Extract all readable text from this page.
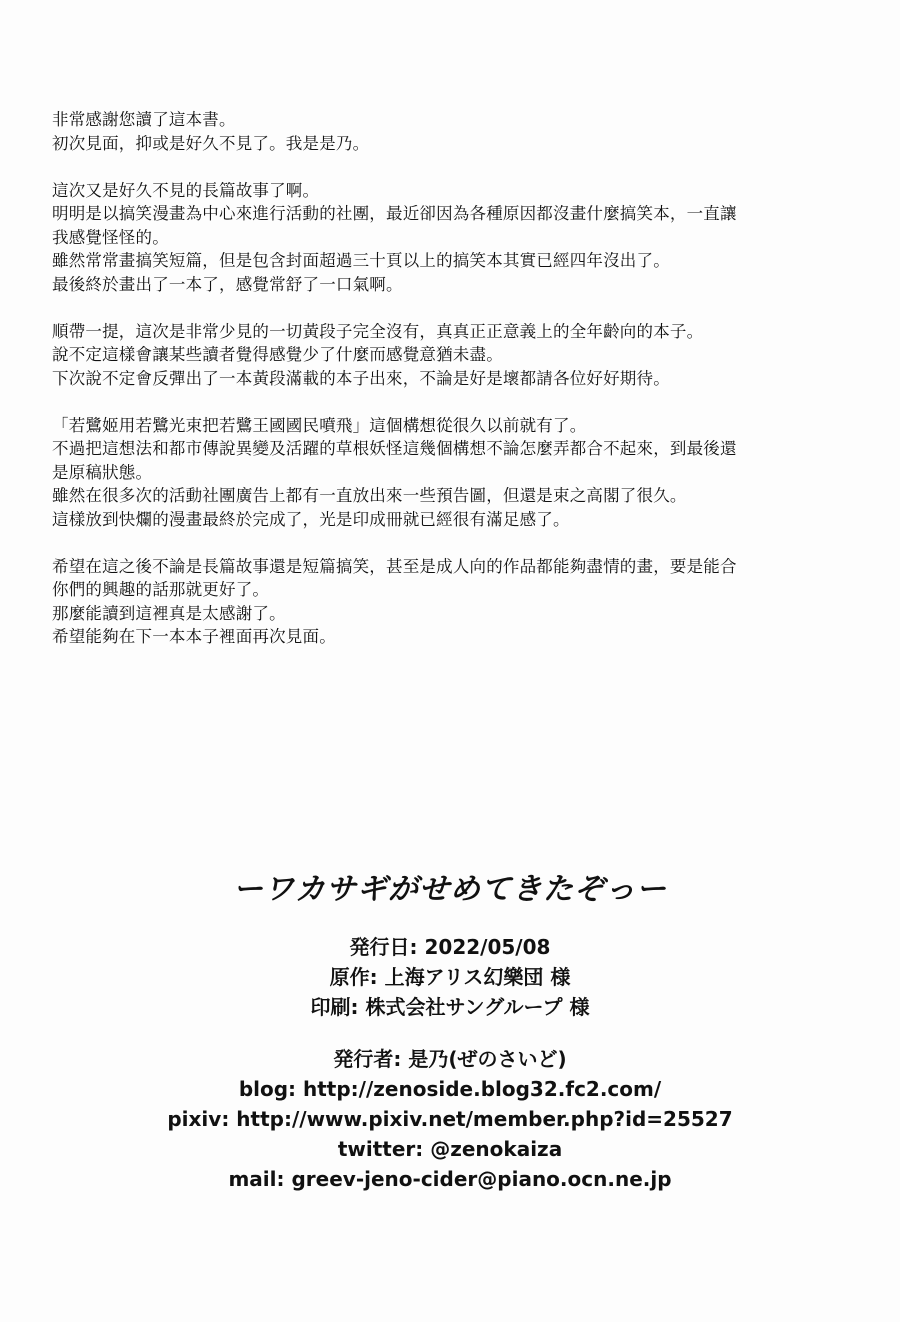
非常感謝您讀了這本書。
初次見面，抑或是好久不見了。我是是乃。
這次又是好久不見的長篇故事了啊。
明明是以搞笑漫畫為中心來進行活動的社團，最近卻因為各種原因都沒畫什麼搞笑本，一直讓
我感覺怪怪的。
雖然常常畫搞笑短篇，但是包含封面超過三十頁以上的搞笑本其實已經四年沒出了。
最後終於畫出了一本了，感覺常舒了一口氣啊。
順帶一提，這次是非常少見的一切黃段子完全沒有，真真正正意義上的全年齡向的本子。
說不定這樣會讓某些讀者覺得感覺少了什麼而感覺意猶未盡。
下次說不定會反彈出了一本黃段滿載的本子出來，不論是好是壞都請各位好好期待。
「若鷺姬用若鷺光束把若鷺王國國民噴飛」這個構想從很久以前就有了。
不過把這想法和都市傳說異變及活躍的草根妖怪這幾個構想不論怎麼弄都合不起來，到最後還
是原稿狀態。
雖然在很多次的活動社團廣告上都有一直放出來一些預告圖，但還是束之高閣了很久。
這樣放到快爛的漫畫最終於完成了，光是印成冊就已經很有滿足感了。
希望在這之後不論是長篇故事還是短篇搞笑，甚至是成人向的作品都能夠盡情的畫，要是能合
你們的興趣的話那就更好了。
那麼能讀到這裡真是太感謝了。
希望能夠在下一本本子裡面再次見面。
ーワカサギがせめてきたぞっー
発行日: 2022/05/08
原作: 上海アリス幻樂団 様
印刷: 株式会社サングループ 様
発行者: 是乃(ぜのさいど)
blog: http://zenoside.blog32.fc2.com/
pixiv: http://www.pixiv.net/member.php?id=25527
twitter: @zenokaiza
mail: greev-jeno-cider@piano.ocn.ne.jp
